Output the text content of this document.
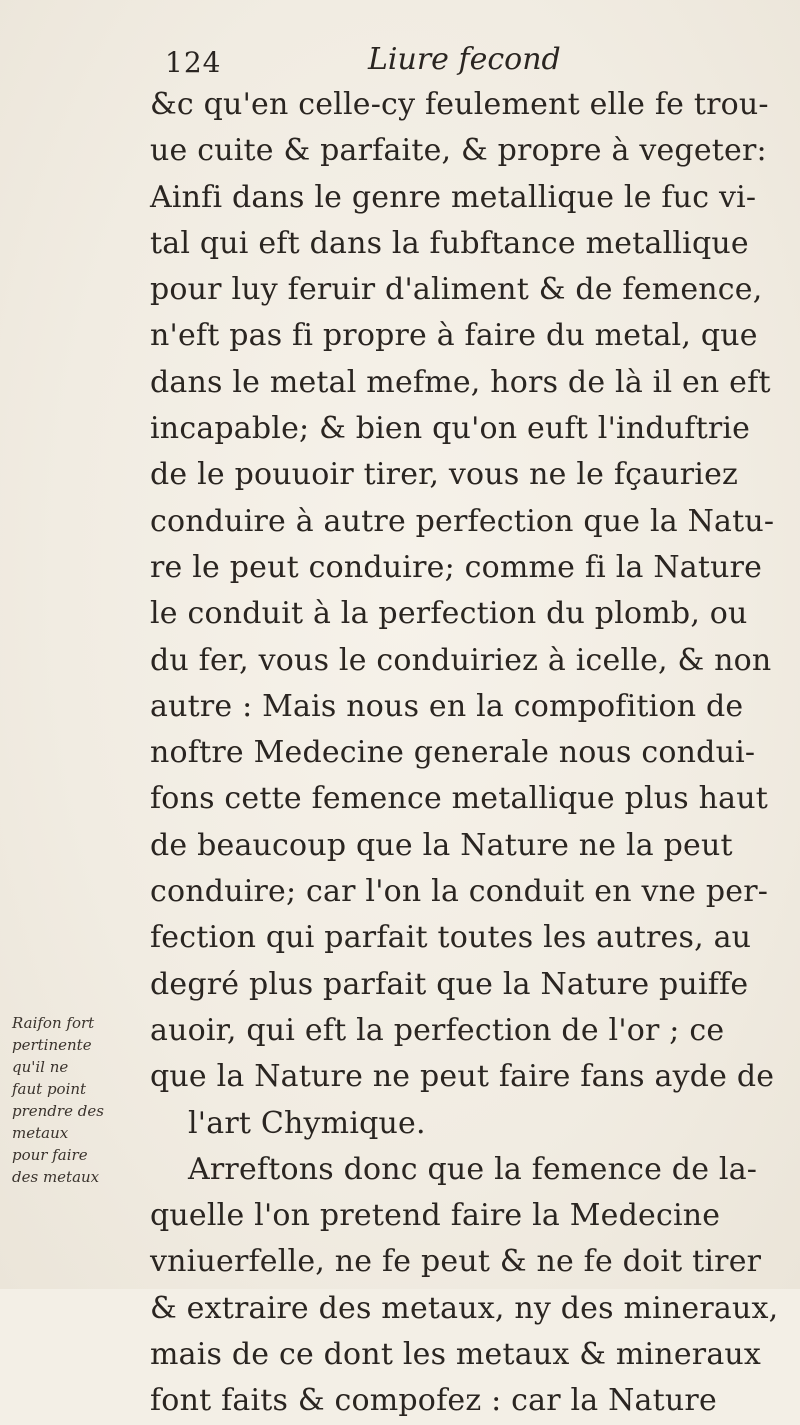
124	Liure fecond
&c qu'en celle-cy feulement elle fe trou-
ue cuite & parfaite, & propre à vegeter:
Ainfi dans le genre metallique le fuc vi-
tal qui eft dans la fubftance metallique
pour luy feruir d'aliment & de femence,
n'eft pas fi propre à faire du metal, que
dans le metal mefme, hors de là il en eft
incapable; & bien qu'on euft l'induftrie
de le pouuoir tirer, vous ne le fçauriez
conduire à autre perfection que la Natu-
re le peut conduire; comme fi la Nature
le conduit à la perfection du plomb, ou
du fer, vous le conduiriez à icelle, & non
autre : Mais nous en la compofition de
noftre Medecine generale nous condui-
fons cette femence metallique plus haut
de beaucoup que la Nature ne la peut
conduire; car l'on la conduit en vne per-
fection qui parfait toutes les autres, au
degré plus parfait que la Nature puiffe
auoir, qui eft la perfection de l'or ; ce
que la Nature ne peut faire fans ayde de
l'art Chymique.
Arreftons donc que la femence de la-
quelle l'on pretend faire la Medecine
vniuerfelle, ne fe peut & ne fe doit tirer
& extraire des metaux, ny des mineraux,
mais de ce dont les metaux & mineraux
font faits & compofez : car la Nature
Raifon fort
pertinente
qu'il ne
faut point
prendre des
metaux
pour faire
des metaux
